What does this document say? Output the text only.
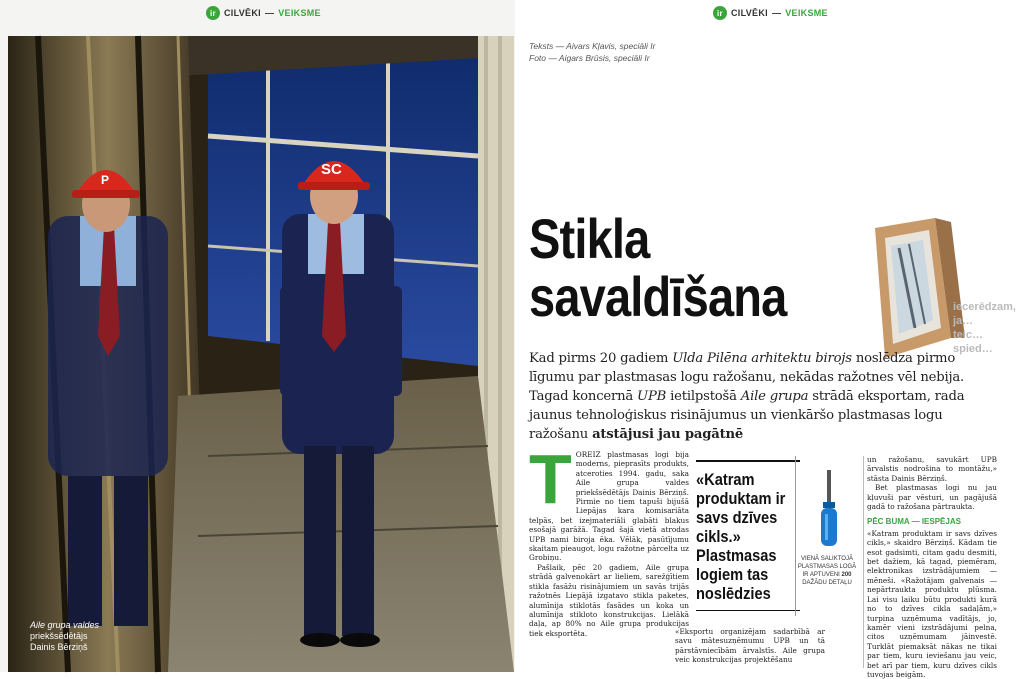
ir CILVĒKI — VEIKSME
P
SC
Aile grupa valdes
priekšsēdētājs
Dainis Bērziņš
ir CILVĒKI — VEIKSME
Teksts — Aivars Kļavis, speciāli Ir
Foto — Aigars Brūsis, speciāli Ir
Stikla
savaldīšana	iecerēdzam, ja… teic… spied…
Kad pirms 20 gadiem Ulda Pilēna arhitektu birojs noslēdza pirmo līgumu par plastmasas logu ražošanu, nekādas ražotnes vēl nebija. Tagad koncernā UPB ietilpstošā Aile grupa strādā eksportam, rada jaunus tehnoloģiskus risinājumus un vienkāršo plastmasas logu ražošanu atstājusi jau pagātnē
T OREIZ plastmasas logi bija moderns, pieprasīts produkts, atceroties 1994. gadu, saka Aile grupa valdes priekšsēdētājs Dainis Bērziņš. Pirmie no tiem tapuši bijušā Liepājas kara komisariāta telpās, bet izejmateriāli glabāti blakus esošajā garāžā. Tagad šajā vietā atrodas UPB nami biroja ēka. Vēlāk, pasūtījumu skaitam pieaugot, logu ražotne pārcelta uz Grobiņu.

Pašlaik, pēc 20 gadiem, Aile grupa strādā galvenokārt ar lieliem, sarežģītiem stikla fasāžu risinājumiem un savās trijās ražotnēs Liepājā izgatavo stikla paketes, alumīnija stiklotās fasādes un koka un alumīnija stikloto konstrukcijas. Lielākā daļa, ap 80% no Aile grupa produkcijas tiek eksportēta.

«Katram produktam ir savs dzīves cikls.» Plastmasas logiem tas noslēdzies
«Eksportu organizējam sadarbībā ar savu mātesuzņēmumu UPB un tā pārstāvniecībām ārvalstīs. Aile grupa veic konstrukcijas projektēšanu
VIENĀ SALIKTOJĀ
PLASTMASAS LOGĀ
IR APTUVENI 200
DAŽĀDU DETAĻU

un ražošanu, savukārt UPB ārvalstis nodrošina to montāžu,» stāsta Dainis Bērziņš.

Bet plastmasas logi nu jau kļuvuši par vēsturi, un pagājušā gadā to ražošana pārtraukta.

PĒC BUMA — IESPĒJAS

«Katram produktam ir savs dzīves cikls,» skaidro Bērziņš. Kādam tie esot gadsimti, citam gadu desmiti, bet dažiem, kā tagad, piemēram, elektronikas izstrādājumiem — mēneši. «Ražotājam galvenais — nepārtraukta produktu plūsma. Lai visu laiku būtu produkti kurā no to dzīves cikla sadaļām,» turpina uzņēmuma vadītājs, jo, kamēr vieni izstrādājumi pelna, citos uzņēmumam jāinvestē. Turklāt piemaksāt nākas ne tikai par tiem, kuru ieviešanu jau veic, bet arī par tiem, kuru dzīves cikls tuvojas beigām.
